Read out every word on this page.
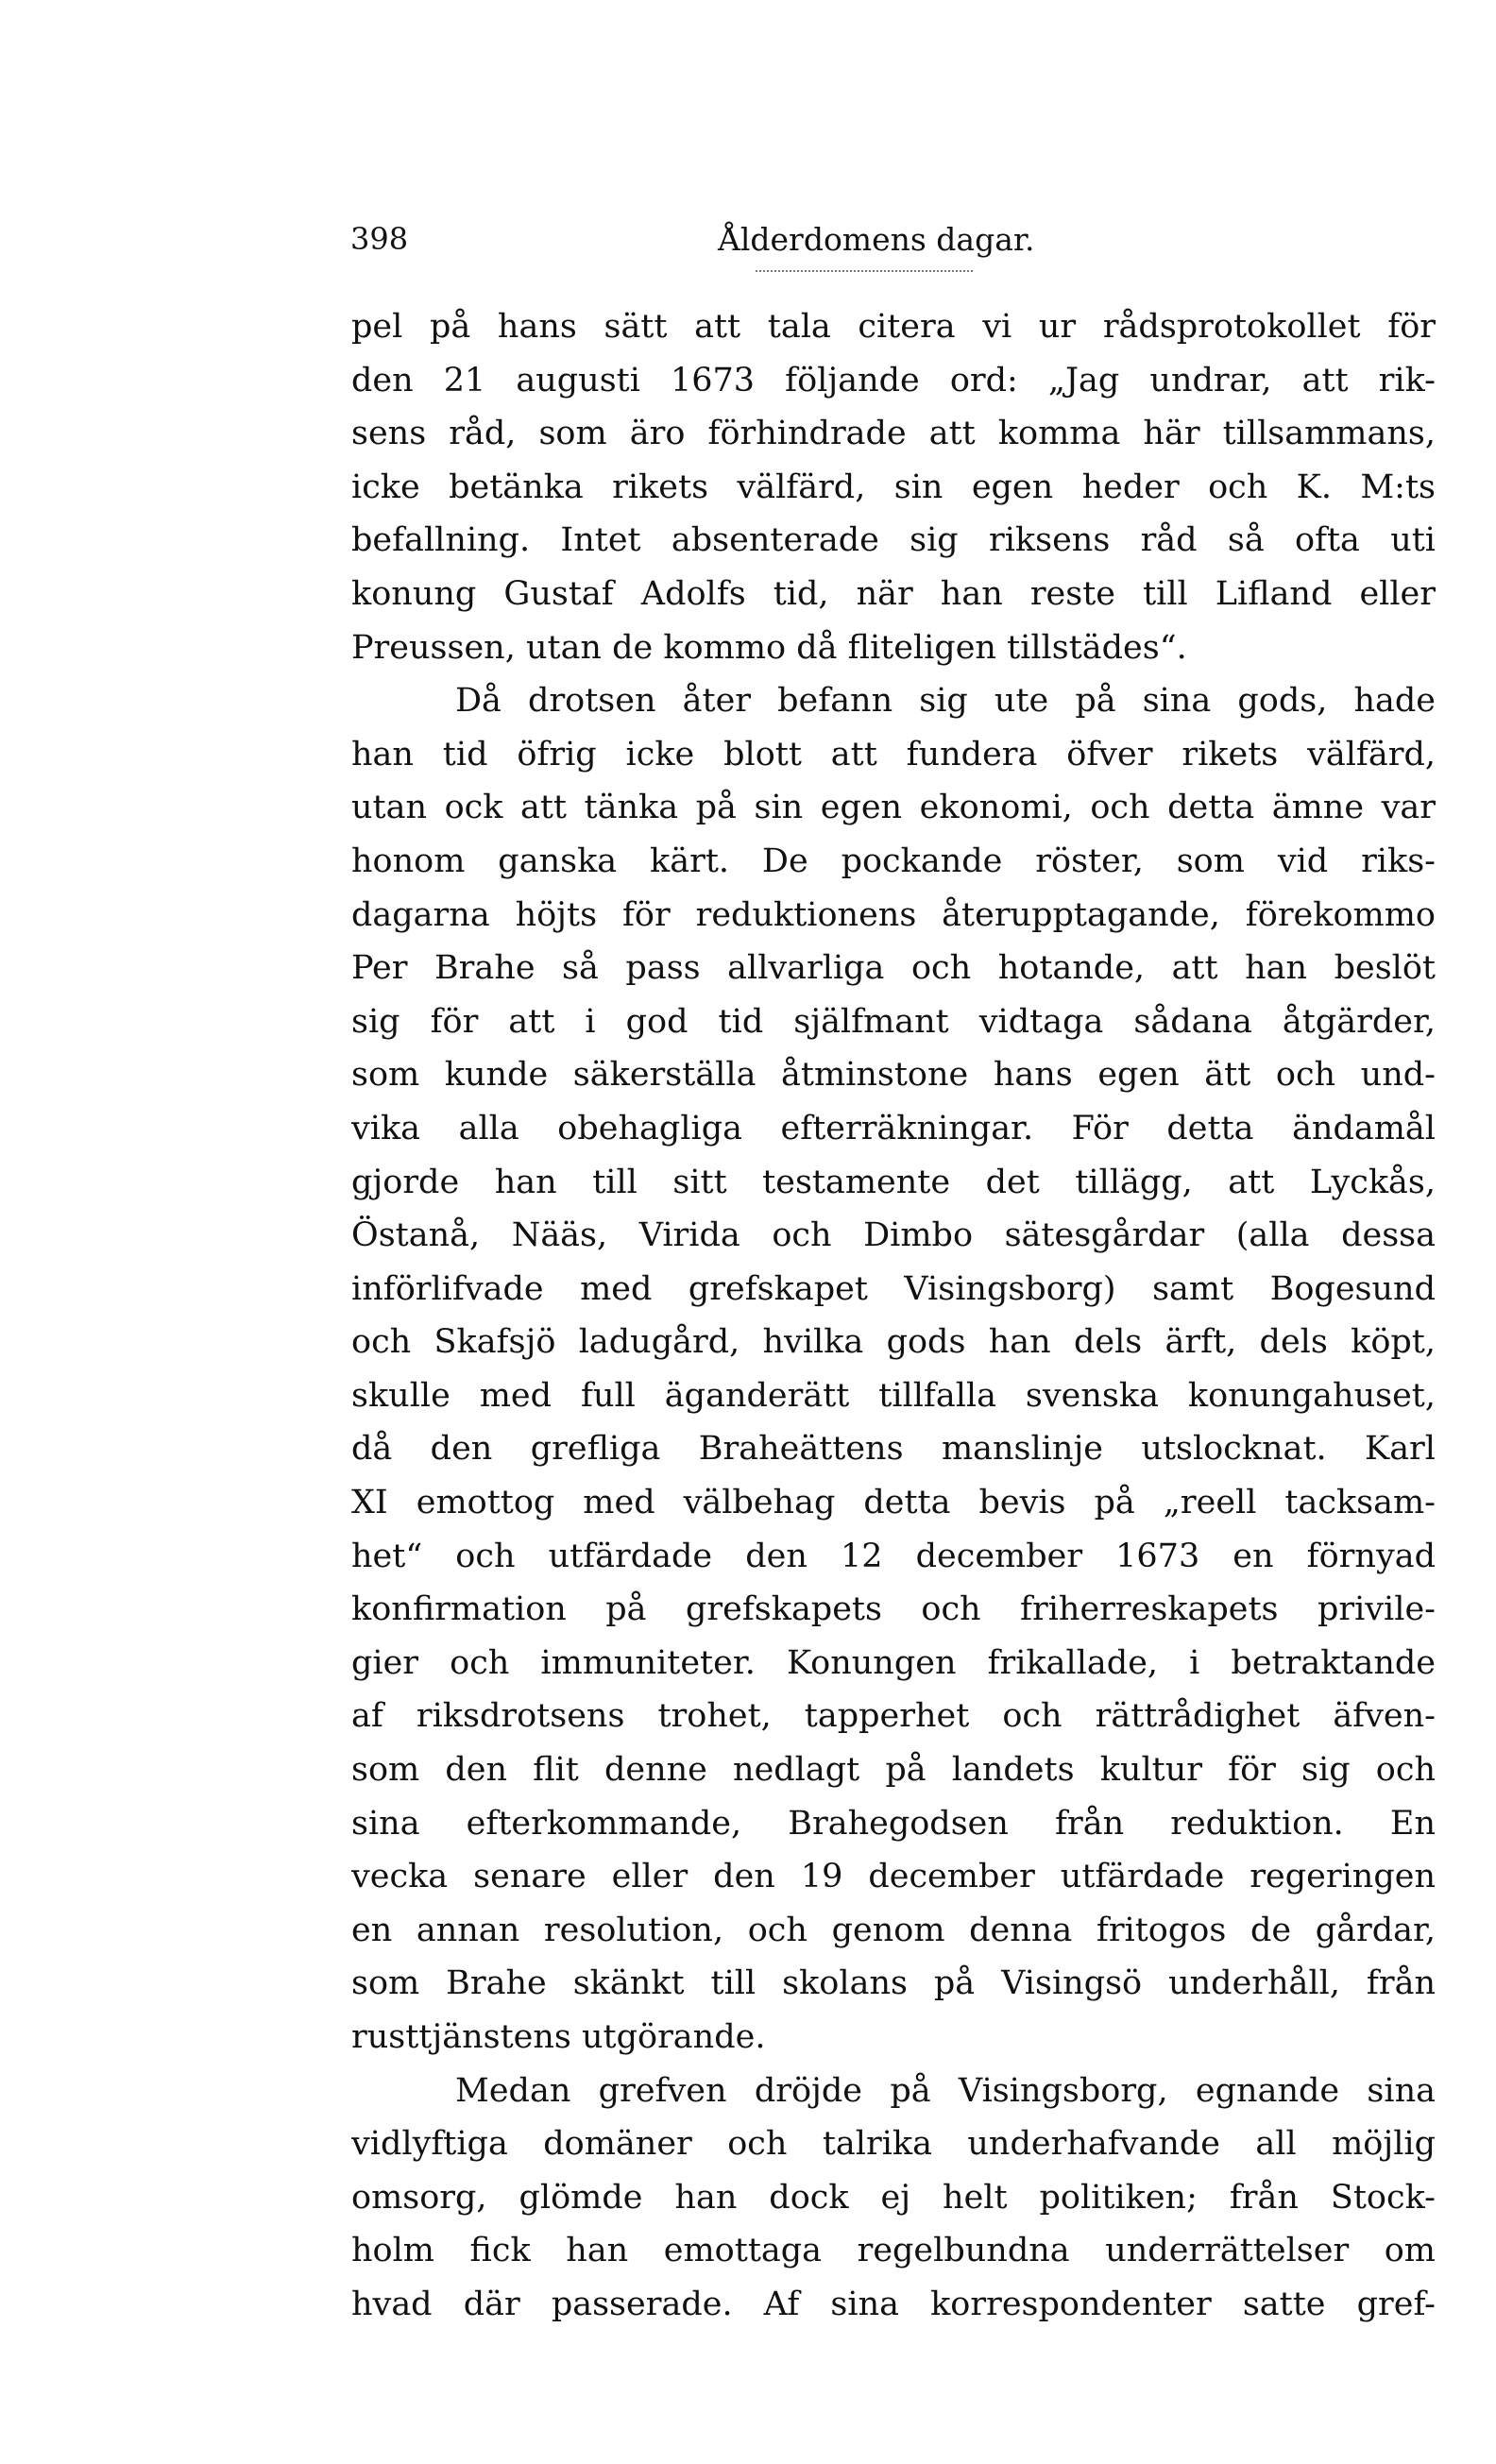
398	Ålderdomens dagar.
pel på hans sätt att tala citera vi ur rådsprotokollet för
den 21 augusti 1673 följande ord: „Jag undrar, att rik-
sens råd, som äro förhindrade att komma här tillsammans,
icke betänka rikets välfärd, sin egen heder och K. M:ts
befallning. Intet absenterade sig riksens råd så ofta uti
konung Gustaf Adolfs tid, när han reste till Lifland eller
Preussen, utan de kommo då fliteligen tillstädes“.
Då drotsen åter befann sig ute på sina gods, hade
han tid öfrig icke blott att fundera öfver rikets välfärd,
utan ock att tänka på sin egen ekonomi, och detta ämne var
honom ganska kärt. De pockande röster, som vid riks-
dagarna höjts för reduktionens återupptagande, förekommo
Per Brahe så pass allvarliga och hotande, att han beslöt
sig för att i god tid själfmant vidtaga sådana åtgärder,
som kunde säkerställa åtminstone hans egen ätt och und-
vika alla obehagliga efterräkningar. För detta ändamål
gjorde han till sitt testamente det tillägg, att Lyckås,
Östanå, Nääs, Virida och Dimbo sätesgårdar (alla dessa
införlifvade med grefskapet Visingsborg) samt Bogesund
och Skafsjö ladugård, hvilka gods han dels ärft, dels köpt,
skulle med full äganderätt tillfalla svenska konungahuset,
då den grefliga Braheättens manslinje utslocknat. Karl
XI emottog med välbehag detta bevis på „reell tacksam-
het“ och utfärdade den 12 december 1673 en förnyad
konfirmation på grefskapets och friherreskapets privile-
gier och immuniteter. Konungen frikallade, i betraktande
af riksdrotsens trohet, tapperhet och rättrådighet äfven-
som den flit denne nedlagt på landets kultur för sig och
sina efterkommande, Brahegodsen från reduktion. En
vecka senare eller den 19 december utfärdade regeringen
en annan resolution, och genom denna fritogos de gårdar,
som Brahe skänkt till skolans på Visingsö underhåll, från
rusttjänstens utgörande.
Medan grefven dröjde på Visingsborg, egnande sina
vidlyftiga domäner och talrika underhafvande all möjlig
omsorg, glömde han dock ej helt politiken; från Stock-
holm fick han emottaga regelbundna underrättelser om
hvad där passerade. Af sina korrespondenter satte gref-
